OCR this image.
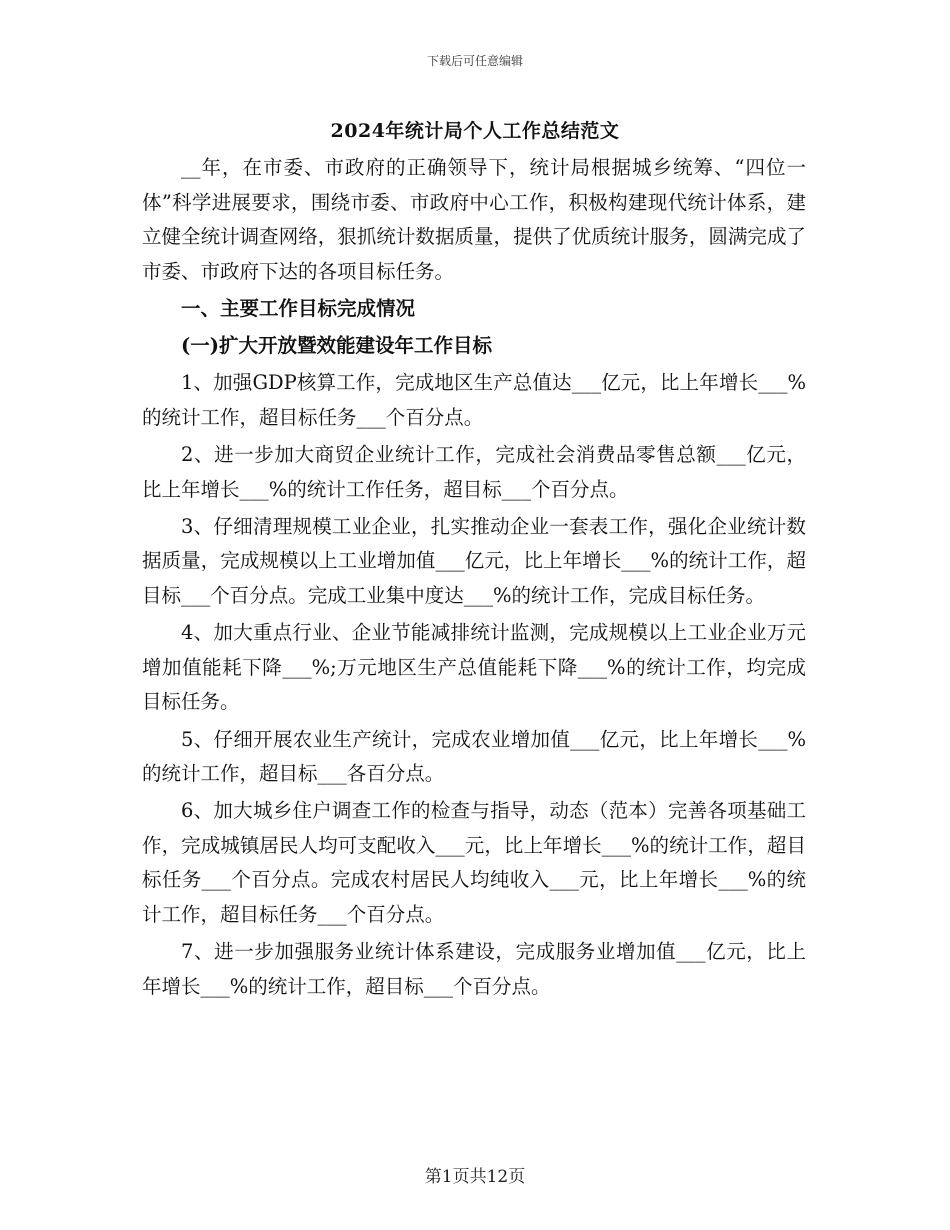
下载后可任意编辑
2024年统计局个人工作总结范文

__年，在市委、市政府的正确领导下，统计局根据城乡统筹、“四位一体”科学进展要求，围绕市委、市政府中心工作，积极构建现代统计体系，建立健全统计调查网络，狠抓统计数据质量，提供了优质统计服务，圆满完成了市委、市政府下达的各项目标任务。

一、主要工作目标完成情况

(一)扩大开放暨效能建设年工作目标

1、加强GDP核算工作，完成地区生产总值达___亿元，比上年增长___%的统计工作，超目标任务___个百分点。

2、进一步加大商贸企业统计工作，完成社会消费品零售总额___亿元，比上年增长___%的统计工作任务，超目标___个百分点。

3、仔细清理规模工业企业，扎实推动企业一套表工作，强化企业统计数据质量，完成规模以上工业增加值___亿元，比上年增长___%的统计工作，超目标___个百分点。完成工业集中度达___%的统计工作，完成目标任务。

4、加大重点行业、企业节能减排统计监测，完成规模以上工业企业万元增加值能耗下降___%;万元地区生产总值能耗下降___%的统计工作，均完成目标任务。

5、仔细开展农业生产统计，完成农业增加值___亿元，比上年增长___%的统计工作，超目标___各百分点。

6、加大城乡住户调查工作的检查与指导，动态（范本）完善各项基础工作，完成城镇居民人均可支配收入___元，比上年增长___%的统计工作，超目标任务___个百分点。完成农村居民人均纯收入___元，比上年增长___%的统计工作，超目标任务___个百分点。

7、进一步加强服务业统计体系建设，完成服务业增加值___亿元，比上年增长___%的统计工作，超目标___个百分点。

第1页共12页
